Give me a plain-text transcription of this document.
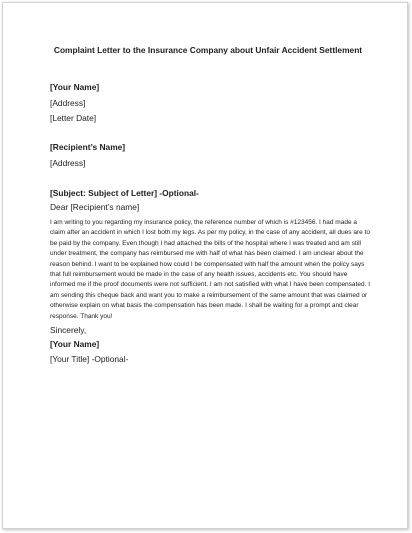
Complaint Letter to the Insurance Company about Unfair Accident Settlement

[Your Name]

[Address]

[Letter Date]

[Recipient’s Name]

[Address]

[Subject: Subject of Letter] -Optional-

Dear [Recipient’s name]

I am writing to you regarding my insurance policy, the reference number of which is #123456. I had made a claim after an accident in which I lost both my legs. As per my policy, in the case of any accident, all dues are to be paid by the company. Even though I had attached the bills of the hospital where I was treated and am still under treatment, the company has reimbursed me with half of what has been claimed. I am unclear about the reason behind. I want to be explained how could I be compensated with half the amount when the policy says that full reimbursement would be made in the case of any health issues, accidents etc. You should have informed me if the proof documents were not sufficient. I am not satisfied with what I have been compensated. I am sending this cheque back and want you to make a reimbursement of the same amount that was claimed or otherwise explain on what basis the compensation has been made. I shall be waiting for a prompt and clear response. Thank you!

Sincerely,

[Your Name]

[Your Title] -Optional-
